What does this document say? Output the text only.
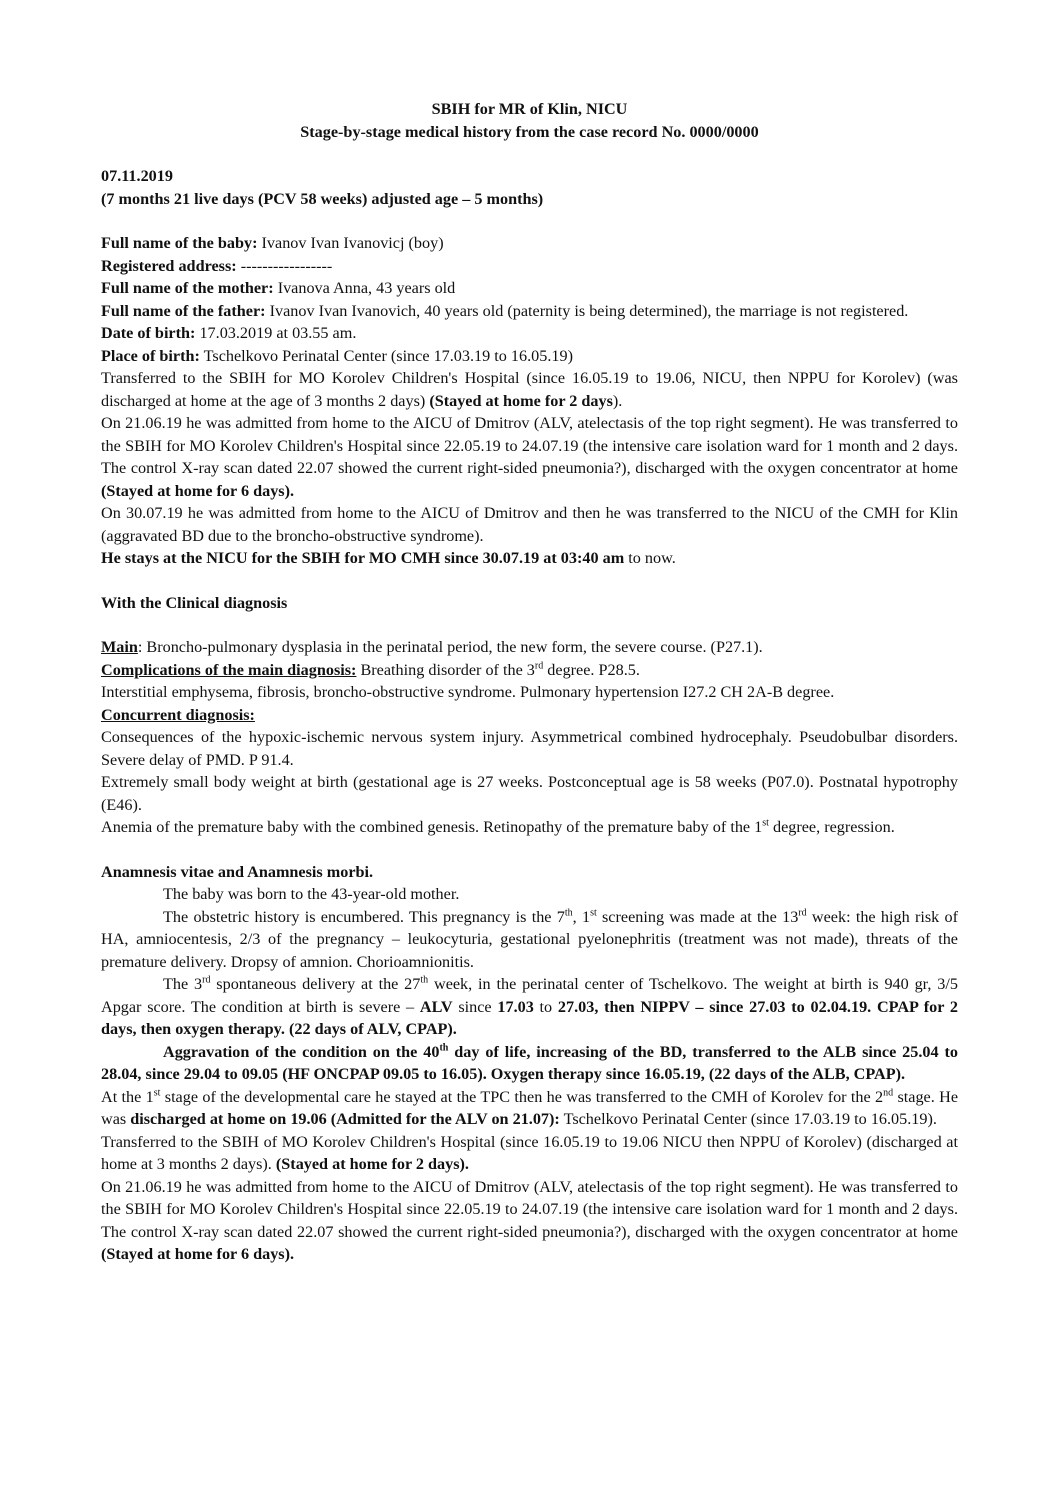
SBIH for MR of Klin, NICU

Stage-by-stage medical history from the case record No. 0000/0000

07.11.2019

(7 months 21 live days (PCV 58 weeks) adjusted age – 5 months)

Full name of the baby: Ivanov Ivan Ivanovicj (boy)

Registered address: -----------------

Full name of the mother: Ivanova Anna, 43 years old

Full name of the father: Ivanov Ivan Ivanovich, 40 years old (paternity is being determined), the marriage is not registered.

Date of birth: 17.03.2019 at 03.55 am.

Place of birth: Tschelkovo Perinatal Center (since 17.03.19 to 16.05.19)

Transferred to the SBIH for MO Korolev Children's Hospital (since 16.05.19 to 19.06, NICU, then NPPU for Korolev) (was discharged at home at the age of 3 months 2 days) (Stayed at home for 2 days).

On 21.06.19 he was admitted from home to the AICU of Dmitrov (ALV, atelectasis of the top right segment). He was transferred to the SBIH for MO Korolev Children's Hospital since 22.05.19 to 24.07.19 (the intensive care isolation ward for 1 month and 2 days. The control X-ray scan dated 22.07 showed the current right-sided pneumonia?), discharged with the oxygen concentrator at home (Stayed at home for 6 days).

On 30.07.19 he was admitted from home to the AICU of Dmitrov and then he was transferred to the NICU of the CMH for Klin (aggravated BD due to the broncho-obstructive syndrome).

He stays at the NICU for the SBIH for MO CMH since 30.07.19 at 03:40 am to now.

With the Clinical diagnosis

Main: Broncho-pulmonary dysplasia in the perinatal period, the new form, the severe course. (P27.1).

Complications of the main diagnosis: Breathing disorder of the 3rd degree. P28.5.

Interstitial emphysema, fibrosis, broncho-obstructive syndrome. Pulmonary hypertension I27.2 CH 2A-B degree.

Concurrent diagnosis:

Consequences of the hypoxic-ischemic nervous system injury. Asymmetrical combined hydrocephaly. Pseudobulbar disorders. Severe delay of PMD. P 91.4.

Extremely small body weight at birth (gestational age is 27 weeks. Postconceptual age is 58 weeks (P07.0). Postnatal hypotrophy (E46).

Anemia of the premature baby with the combined genesis. Retinopathy of the premature baby of the 1st degree, regression.

Anamnesis vitae and Anamnesis morbi.

The baby was born to the 43-year-old mother.

The obstetric history is encumbered. This pregnancy is the 7th, 1st screening was made at the 13rd week: the high risk of HA, amniocentesis, 2/3 of the pregnancy – leukocyturia, gestational pyelonephritis (treatment was not made), threats of the premature delivery. Dropsy of amnion. Chorioamnionitis.

The 3rd spontaneous delivery at the 27th week, in the perinatal center of Tschelkovo. The weight at birth is 940 gr, 3/5 Apgar score. The condition at birth is severe – ALV since 17.03 to 27.03, then NIPPV – since 27.03 to 02.04.19. CPAP for 2 days, then oxygen therapy. (22 days of ALV, CPAP).

Aggravation of the condition on the 40th day of life, increasing of the BD, transferred to the ALB since 25.04 to 28.04, since 29.04 to 09.05 (HF ONCPAP 09.05 to 16.05). Oxygen therapy since 16.05.19, (22 days of the ALB, CPAP).

At the 1st stage of the developmental care he stayed at the TPC then he was transferred to the CMH of Korolev for the 2nd stage. He was discharged at home on 19.06 (Admitted for the ALV on 21.07): Tschelkovo Perinatal Center (since 17.03.19 to 16.05.19).

Transferred to the SBIH of MO Korolev Children's Hospital (since 16.05.19 to 19.06 NICU then NPPU of Korolev) (discharged at home at 3 months 2 days). (Stayed at home for 2 days).

On 21.06.19 he was admitted from home to the AICU of Dmitrov (ALV, atelectasis of the top right segment). He was transferred to the SBIH for MO Korolev Children's Hospital since 22.05.19 to 24.07.19 (the intensive care isolation ward for 1 month and 2 days. The control X-ray scan dated 22.07 showed the current right-sided pneumonia?), discharged with the oxygen concentrator at home (Stayed at home for 6 days).
